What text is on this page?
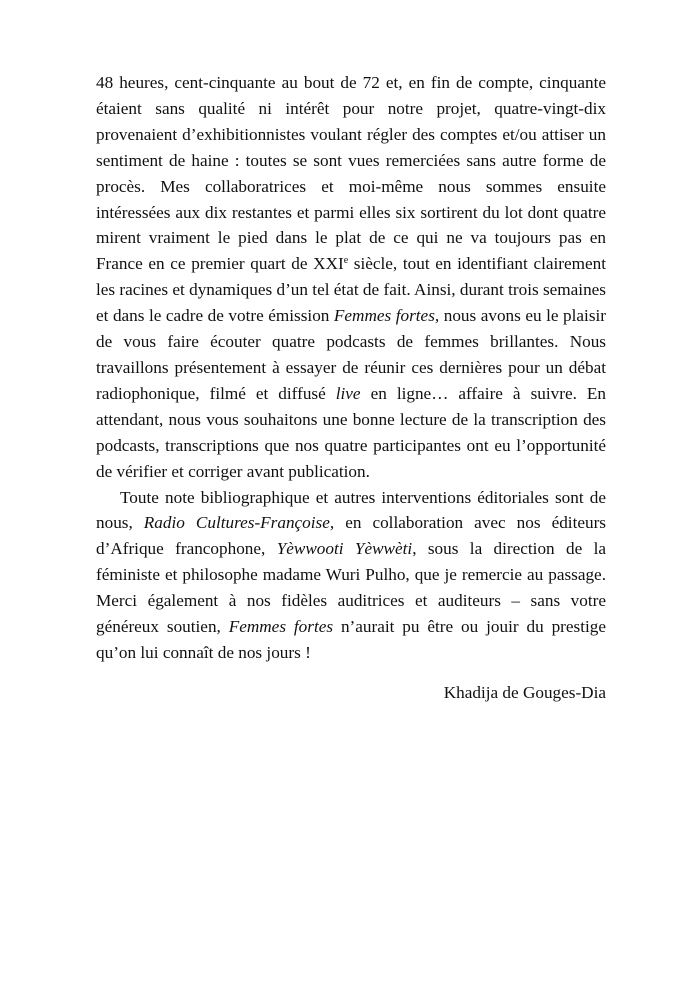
48 heures, cent-cinquante au bout de 72 et, en fin de compte, cinquante étaient sans qualité ni intérêt pour notre projet, quatre-vingt-dix provenaient d’exhibitionnistes voulant régler des comptes et/ou attiser un sentiment de haine : toutes se sont vues remerciées sans autre forme de procès. Mes collaboratrices et moi-même nous sommes ensuite intéressées aux dix restantes et parmi elles six sortirent du lot dont quatre mirent vraiment le pied dans le plat de ce qui ne va toujours pas en France en ce premier quart de XXIe siècle, tout en identifiant clairement les racines et dynamiques d’un tel état de fait. Ainsi, durant trois semaines et dans le cadre de votre émission Femmes fortes, nous avons eu le plaisir de vous faire écouter quatre podcasts de femmes brillantes. Nous travaillons présentement à essayer de réunir ces dernières pour un débat radiophonique, filmé et diffusé live en ligne… affaire à suivre. En attendant, nous vous souhaitons une bonne lecture de la transcription des podcasts, transcriptions que nos quatre participantes ont eu l’opportunité de vérifier et corriger avant publication.

Toute note bibliographique et autres interventions éditoriales sont de nous, Radio Cultures-Françoise, en collaboration avec nos éditeurs d’Afrique francophone, Yèwwooti Yèwwèti, sous la direction de la féministe et philosophe madame Wuri Pulho, que je remercie au passage. Merci également à nos fidèles auditrices et auditeurs – sans votre généreux soutien, Femmes fortes n’aurait pu être ou jouir du prestige qu’on lui connaît de nos jours !

Khadija de Gouges-Dia
